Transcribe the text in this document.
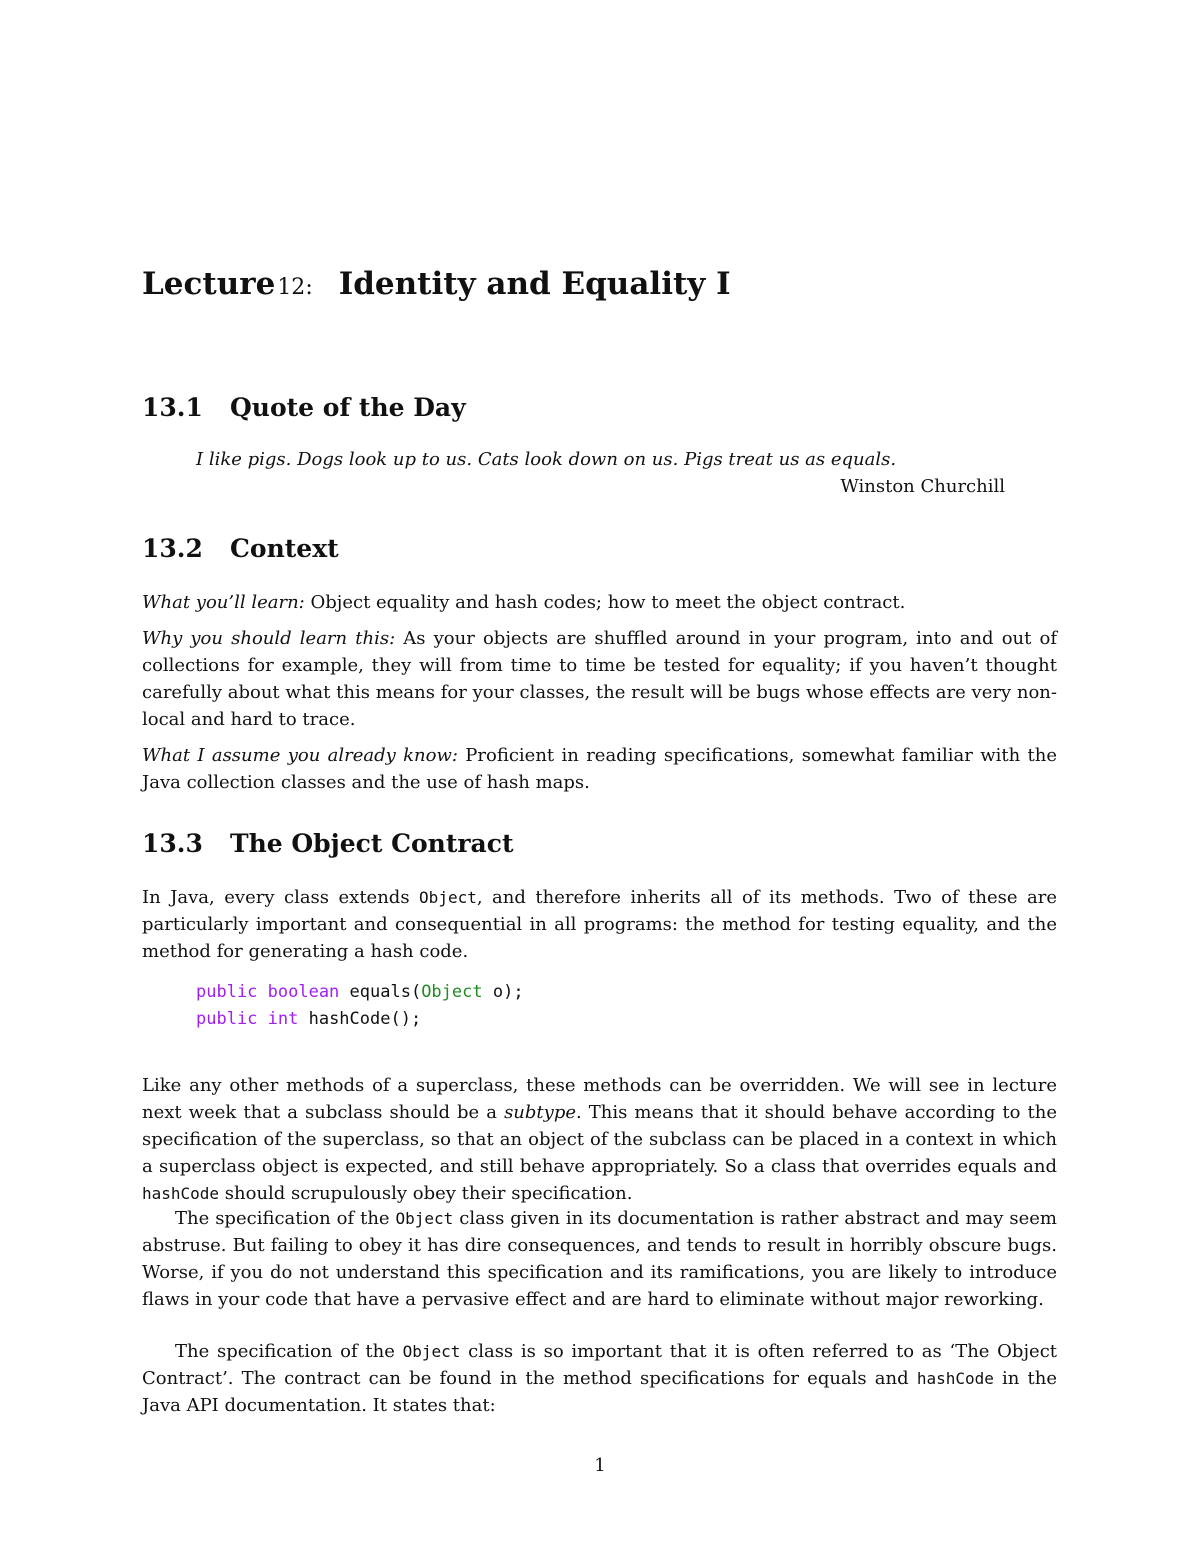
Lecture12: Identity and Equality I
13.1 Quote of the Day
I like pigs. Dogs look up to us. Cats look down on us. Pigs treat us as equals.
Winston Churchill
13.2 Context
What you’ll learn: Object equality and hash codes; how to meet the object contract.
Why you should learn this: As your objects are shuffled around in your program, into and out of collections for example, they will from time to time be tested for equality; if you haven’t thought carefully about what this means for your classes, the result will be bugs whose effects are very non-local and hard to trace.
What I assume you already know: Proficient in reading specifications, somewhat familiar with the Java collection classes and the use of hash maps.
13.3 The Object Contract
In Java, every class extends Object, and therefore inherits all of its methods. Two of these are particularly important and consequential in all programs: the method for testing equality, and the method for generating a hash code.
public boolean equals(Object o);
public int hashCode();
Like any other methods of a superclass, these methods can be overridden. We will see in lecture next week that a subclass should be a subtype. This means that it should behave according to the specification of the superclass, so that an object of the subclass can be placed in a context in which a superclass object is expected, and still behave appropriately. So a class that overrides equals and hashCode should scrupulously obey their specification.
The specification of the Object class given in its documentation is rather abstract and may seem abstruse. But failing to obey it has dire consequences, and tends to result in horribly obscure bugs. Worse, if you do not understand this specification and its ramifications, you are likely to introduce flaws in your code that have a pervasive effect and are hard to eliminate without major reworking.
The specification of the Object class is so important that it is often referred to as ‘The Object Contract’. The contract can be found in the method specifications for equals and hashCode in the Java API documentation. It states that:
1
